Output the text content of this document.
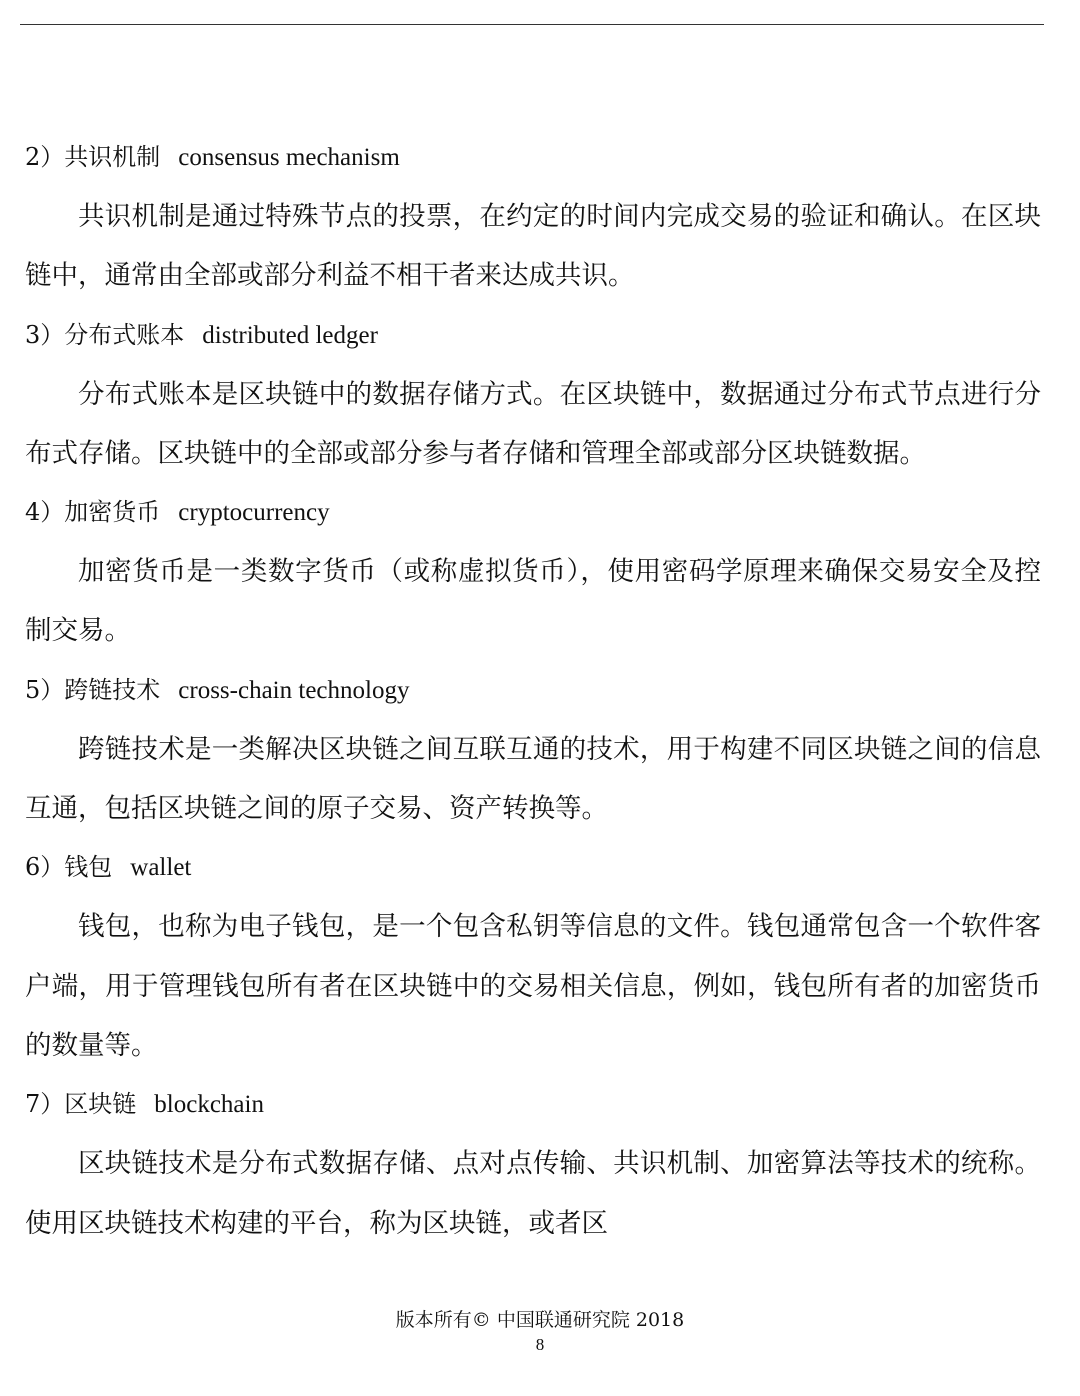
2）共识机制 consensus mechanism

共识机制是通过特殊节点的投票，在约定的时间内完成交易的验证和确认。在区块链中，通常由全部或部分利益不相干者来达成共识。

3）分布式账本 distributed ledger

分布式账本是区块链中的数据存储方式。在区块链中，数据通过分布式节点进行分布式存储。区块链中的全部或部分参与者存储和管理全部或部分区块链数据。

4）加密货币 cryptocurrency

加密货币是一类数字货币（或称虚拟货币），使用密码学原理来确保交易安全及控制交易。

5）跨链技术 cross-chain technology

跨链技术是一类解决区块链之间互联互通的技术，用于构建不同区块链之间的信息互通，包括区块链之间的原子交易、资产转换等。

6）钱包 wallet

钱包，也称为电子钱包，是一个包含私钥等信息的文件。钱包通常包含一个软件客户端，用于管理钱包所有者在区块链中的交易相关信息，例如，钱包所有者的加密货币的数量等。

7）区块链 blockchain

区块链技术是分布式数据存储、点对点传输、共识机制、加密算法等技术的统称。使用区块链技术构建的平台，称为区块链，或者区

版本所有© 中国联通研究院 2018
8
